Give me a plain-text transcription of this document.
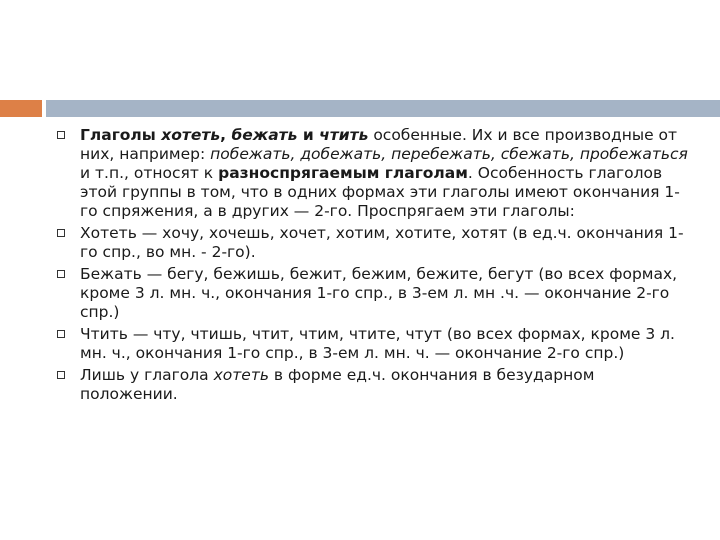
Глаголы хотеть, бежать и чтить особенные. Их и все производные от них, например: побежать, добежать, перебежать, сбежать, пробежаться и т.п., относят к разноспрягаемым глаголам. Особенность глаголов этой группы в том, что в одних формах эти глаголы имеют окончания 1-го спряжения, а в других — 2-го. Проспрягаем эти глаголы:
Хотеть — хочу, хочешь, хочет, хотим, хотите, хотят (в ед.ч. окончания 1-го спр., во мн. - 2-го).
Бежать — бегу, бежишь, бежит, бежим, бежите, бегут (во всех формах, кроме 3 л. мн. ч., окончания 1-го спр., в 3-ем л. мн .ч. — окончание 2-го спр.)
Чтить — чту, чтишь, чтит, чтим, чтите, чтут (во всех формах, кроме 3 л. мн. ч., окончания 1-го спр., в 3-ем л. мн. ч. — окончание 2-го спр.)
Лишь у глагола хотеть в форме ед.ч. окончания в безударном положении.
